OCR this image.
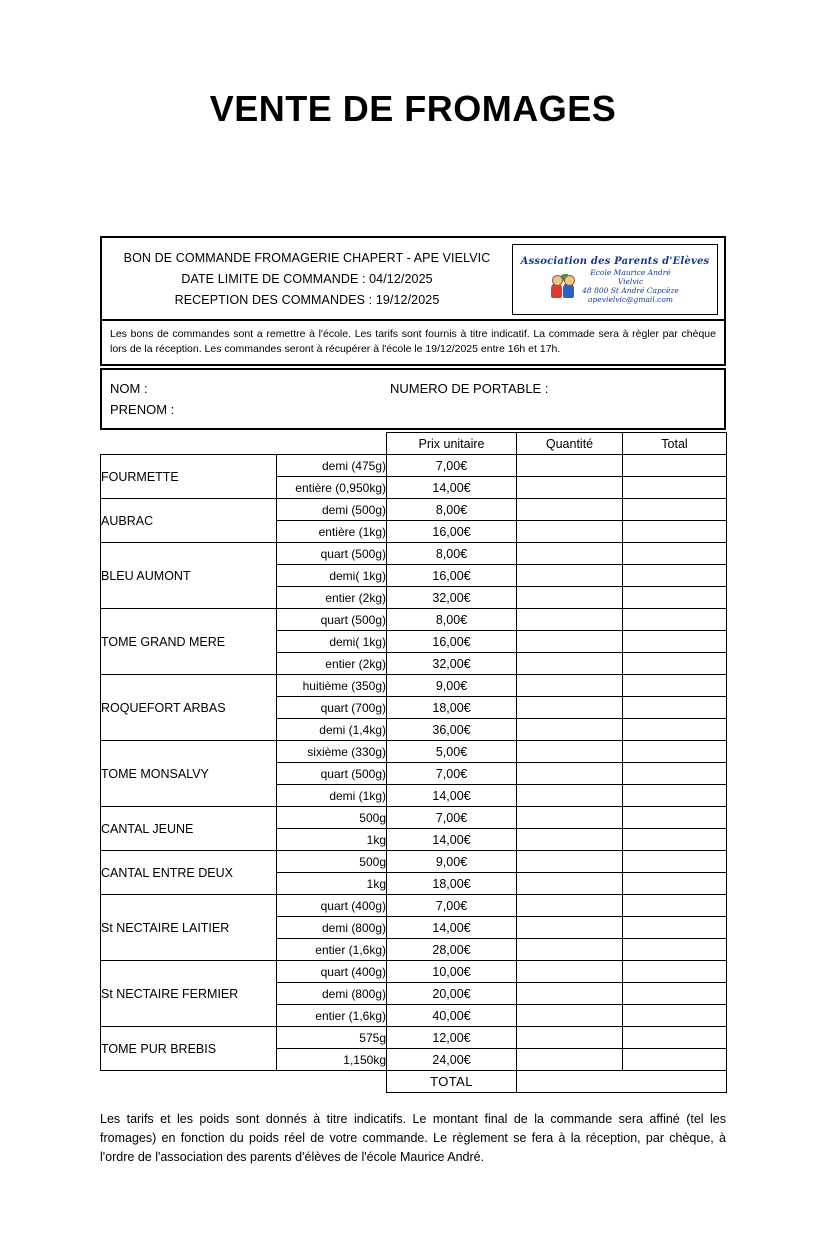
VENTE DE FROMAGES
BON DE COMMANDE FROMAGERIE CHAPERT - APE VIELVIC
DATE LIMITE DE COMMANDE : 04/12/2025
RECEPTION DES COMMANDES : 19/12/2025
Association des Parents d'Elèves
Ecole Maurice André
Vielvic
48 800 St André Capcèze
apevielvic@gmail.com
Les bons de commandes sont a remettre à l'école. Les tarifs sont fournis à titre indicatif. La commade sera à règler par chèque lors de la réception. Les commandes seront à récupérer à l'école le 19/12/2025 entre 16h et 17h.
NOM :	NUMERO DE PORTABLE :
PRENOM :
		Prix unitaire	Quantité	Total
FOURMETTE	demi (475g)	7,00€		
	entière (0,950kg)	14,00€		
AUBRAC	demi (500g)	8,00€		
	entière (1kg)	16,00€		
BLEU AUMONT	quart (500g)	8,00€		
	demi( 1kg)	16,00€		
	entier (2kg)	32,00€		
TOME GRAND MERE	quart (500g)	8,00€		
	demi( 1kg)	16,00€		
	entier (2kg)	32,00€		
ROQUEFORT ARBAS	huitième (350g)	9,00€		
	quart (700g)	18,00€		
	demi (1,4kg)	36,00€		
TOME MONSALVY	sixième (330g)	5,00€		
	quart (500g)	7,00€		
	demi (1kg)	14,00€		
CANTAL JEUNE	500g	7,00€		
	1kg	14,00€		
CANTAL ENTRE DEUX	500g	9,00€		
	1kg	18,00€		
St NECTAIRE LAITIER	quart (400g)	7,00€		
	demi (800g)	14,00€		
	entier (1,6kg)	28,00€		
St NECTAIRE FERMIER	quart (400g)	10,00€		
	demi (800g)	20,00€		
	entier (1,6kg)	40,00€		
TOME PUR BREBIS	575g	12,00€		
	1,150kg	24,00€		
		TOTAL		
Les tarifs et les poids sont donnés à titre indicatifs. Le montant final de la commande sera affiné (tel les fromages) en fonction du poids réel de votre commande. Le règlement se fera à la réception, par chèque, à l'ordre de l'association des parents d'élèves de l'école Maurice André.
